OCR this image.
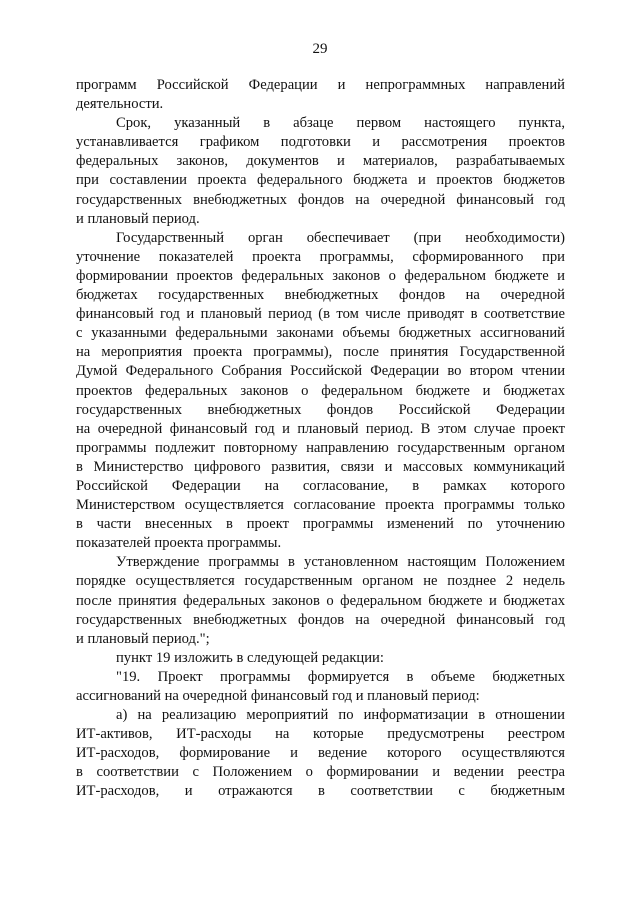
29
программ Российской Федерации и непрограммных направлений
деятельности.
Срок, указанный в абзаце первом настоящего пункта,
устанавливается графиком подготовки и рассмотрения проектов
федеральных законов, документов и материалов, разрабатываемых
при составлении проекта федерального бюджета и проектов бюджетов
государственных внебюджетных фондов на очередной финансовый год
и плановый период.
Государственный орган обеспечивает (при необходимости)
уточнение показателей проекта программы, сформированного при
формировании проектов федеральных законов о федеральном бюджете и
бюджетах государственных внебюджетных фондов на очередной
финансовый год и плановый период (в том числе приводят в соответствие
с указанными федеральными законами объемы бюджетных ассигнований
на мероприятия проекта программы), после принятия Государственной
Думой Федерального Собрания Российской Федерации во втором чтении
проектов федеральных законов о федеральном бюджете и бюджетах
государственных внебюджетных фондов Российской Федерации
на очередной финансовый год и плановый период. В этом случае проект
программы подлежит повторному направлению государственным органом
в Министерство цифрового развития, связи и массовых коммуникаций
Российской Федерации на согласование, в рамках которого
Министерством осуществляется согласование проекта программы только
в части внесенных в проект программы изменений по уточнению
показателей проекта программы.
Утверждение программы в установленном настоящим Положением
порядке осуществляется государственным органом не позднее 2 недель
после принятия федеральных законов о федеральном бюджете и бюджетах
государственных внебюджетных фондов на очередной финансовый год
и плановый период.";
пункт 19 изложить в следующей редакции:
"19. Проект программы формируется в объеме бюджетных
ассигнований на очередной финансовый год и плановый период:
а) на реализацию мероприятий по информатизации в отношении
ИТ-активов, ИТ-расходы на которые предусмотрены реестром
ИТ-расходов, формирование и ведение которого осуществляются
в соответствии с Положением о формировании и ведении реестра
ИТ-расходов, и отражаются в соответствии с бюджетным
